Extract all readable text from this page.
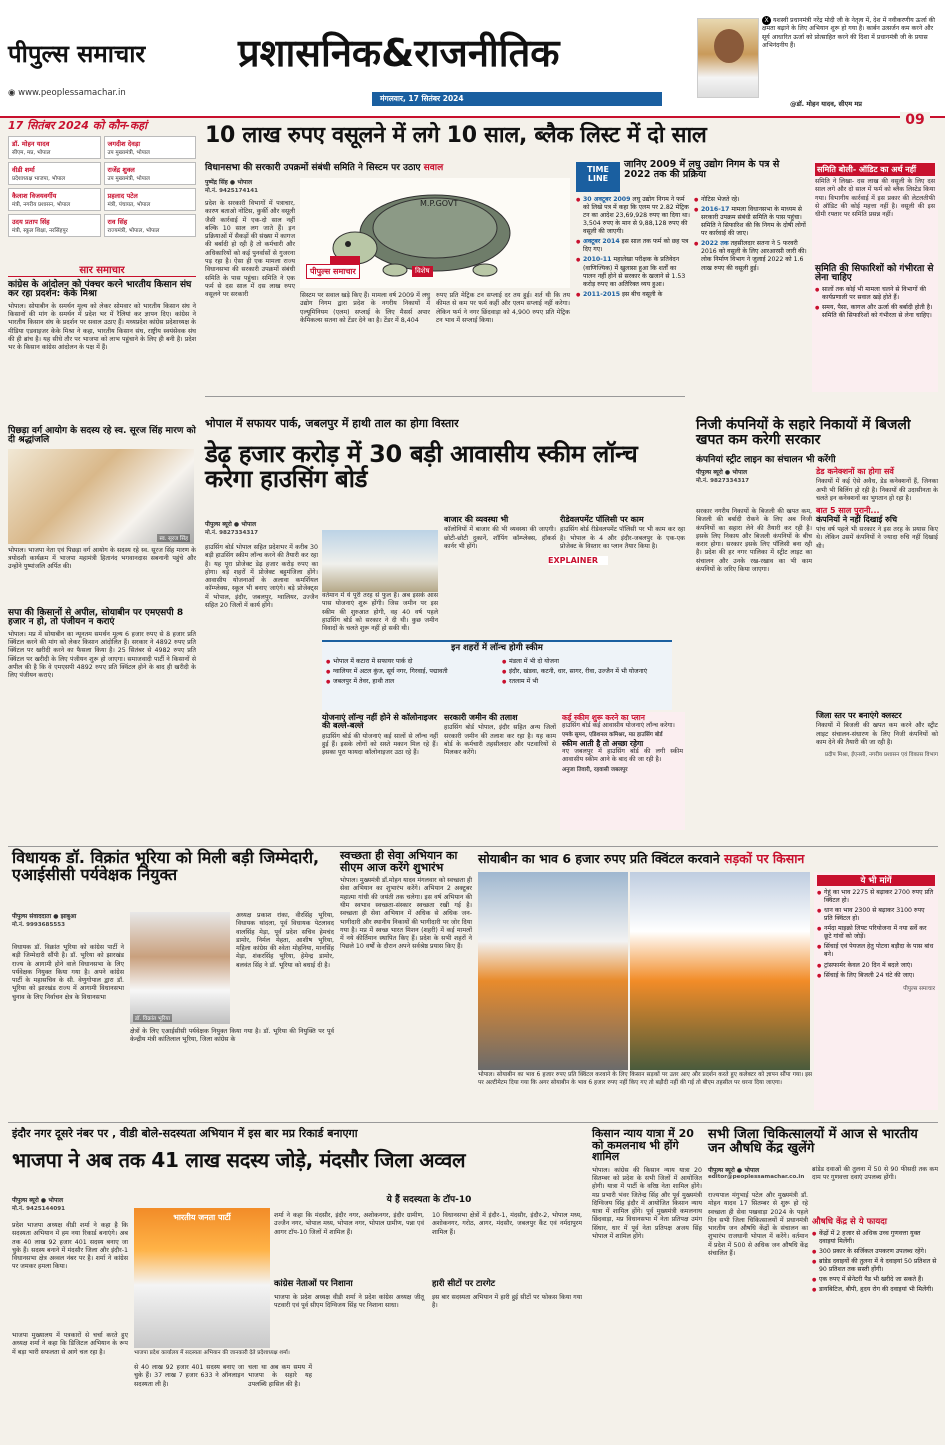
पीपुल्स समाचार
◉ www.peoplessamachar.in
प्रशासनिक&राजनीतिक
मंगलवार, 17 सितंबर 2024
X यशस्वी प्रधानमंत्री नरेंद्र मोदी जी के नेतृत्व में, देश में नवीकरणीय ऊर्जा की क्षमता बढ़ाने के लिए अभियान शुरू हो गया है। कार्बन उत्सर्जन कम करने और सूर्य आधारित ऊर्जा को प्रोत्साहित करने की दिशा में प्रधानमंत्री जी के प्रयास अभिनंदनीय हैं।
@डॉ. मोहन यादव, सीएम मप्र
09
17 सितंबर 2024 को कौन-कहां
डॉ. मोहन यादव
सीएम, मप्र, भोपाल
जगदीश देवड़ा
उप मुख्यमंत्री, भोपाल
वीडी शर्मा
प्रदेशाध्यक्ष भाजपा, भोपाल
राजेंद्र शुक्ल
उप मुख्यमंत्री, भोपाल
कैलाश विजयवर्गीय
मंत्री, नगरीय प्रशासन, भोपाल
प्रहलाद पटेल
मंत्री, पंचायत, भोपाल
उदय प्रताप सिंह
मंत्री, स्कूल शिक्षा, नरसिंहपुर
राव सिंह
राज्यमंत्री, भोपाल, भोपाल
सार समाचार
कांग्रेस के आंदोलन को पंक्चर करने भारतीय किसान संघ कर रहा प्रदर्शन: केके मिश्रा
भोपाल। सोयाबीन के समर्थन मूल्य को लेकर सोमवार को भारतीय किसान संघ ने किसानों की मांग के समर्थन में प्रदेश भर में रैलियां कर ज्ञापन दिए। कांग्रेस ने भारतीय किसान संघ के प्रदर्शन पर सवाल उठाए हैं। मध्यप्रदेश कांग्रेस प्रदेशाध्यक्ष के मीडिया एडवाइजर केके मिश्रा ने कहा, भारतीय किसान संघ, राष्ट्रीय स्वयंसेवक संघ की ही ब्रांच है। यह सीधे तौर पर भाजपा को लाभ पहुंचाने के लिए ही बनी है। प्रदेश भर के किसान कांग्रेस आंदोलन के पक्ष में हैं।
पिछड़ा वर्ग आयोग के सदस्य रहे स्व. सूरज सिंह मारण को दी श्रद्धांजलि
स्व. सूरज सिंह
भोपाल। भाजपा नेता एवं पिछड़ा वर्ग आयोग के सदस्य रहे स्व. सूरज सिंह मारण के त्रयोदशी कार्यक्रम में भाजपा महामंत्री हितानंद भगवानदास सबनानी पहुंचे और उन्होंने पुष्पांजलि अर्पित की।
सपा की किसानों से अपील, सोयाबीन पर एमएसपी 8 हजार न हो, तो पंजीयन न कराएं
भोपाल। मप्र में सोयाबीन का न्यूनतम समर्थन मूल्य 6 हजार रुपए से 8 हजार प्रति क्विंटल करने की मांग को लेकर किसान आंदोलित हैं। सरकार ने 4892 रुपए प्रति क्विंटल पर खरीदी करने का फैसला किया है। 25 सितंबर से 4982 रुपए प्रति क्विंटल पर खरीदी के लिए पंजीयन शुरू हो जाएगा। समाजवादी पार्टी ने किसानों से अपील की है कि वे एमएसपी 4892 रुपए प्रति क्विंटल होने के बाद ही खरीदी के लिए पंजीयन कराएं।
10 लाख रुपए वसूलने में लगे 10 साल, ब्लैक लिस्ट में दो साल
विधानसभा की सरकारी उपक्रमों संबंधी समिति ने सिस्टम पर उठाए सवाल
पुष्पेंद्र सिंह ● भोपाल
मो.नं. 9425174141
M.P.GOVT
पीपुल्स समाचार	विशेष
प्रदेश के सरकारी विभागों में पत्राचार, कारण बताओ नोटिस, कुर्की और वसूली जैसी कार्रवाई में एक-दो साल नहीं बल्कि 10 साल लग जाते हैं। इन प्रक्रियाओं में सैकड़ों की संख्या में कागज की बर्बादी हो रही है तो कर्मचारी और अधिकारियों को कई पुनर्वासों से गुजरना पड़ रहा है। ऐसा ही एक मामला राज्य विधानसभा की सरकारी उपक्रमों संबंधी समिति के पास पहुंचा। समिति ने एक फर्म से दस साल में दस लाख रुपए वसूलने पर सरकारी	सिस्टम पर सवाल खड़े किए हैं। मामला वर्ष 2009 में लघु उद्योग निगम द्वारा प्रदेश के नगरीय निकायों में एल्यूमिनियम (एलम) सप्लाई के लिए मैसर्स अपार केमिकल्स सतना को टेंडर देने का है। टेंडर में 8,404
रुपए प्रति मेट्रिक टन सप्लाई दर तय हुई। शर्त थी कि तय कीमत से कम पर फर्म कहीं और एलम सप्लाई नहीं करेगा। लेकिन फर्म ने नगर छिंदवाड़ा को 4,900 रुपए प्रति मेट्रिक टन भाव में सप्लाई किया।
TIME LINE
जानिए 2009 में लघु उद्योग निगम के पत्र से 2022 तक की प्रक्रिया
● 30 अक्टूबर 2009 लघु उद्योग निगम ने फर्म को लिखे पत्र में कहा कि एलम पर 2.82 मेट्रिक टन का आदेश 23,69,928 रुपए का दिया था। 3,504 रुपए के मान से 9,88,128 रुपए की वसूली की जाएगी।
● अक्टूबर 2014 इस साल तक फर्म को छह पत्र दिए गए।
● 2010-11 महालेखा परीक्षक के प्रतिवेदन (वाणिज्यिक) में खुलासा हुआ कि शर्तों का पालन नहीं होने से सरकार के खजाने से 1.53 करोड़ रुपए का अतिरिक्त व्यय हुआ।
● 2011-2015 इस बीच वसूली के
● नोटिस भेजते रहे।
● 2016-17 मामला विधानसभा के माध्यम से सरकारी उपक्रम संबंधी समिति के पास पहुंचा। समिति ने सिफारिश की कि निगम के दोषी लोगों पर कार्रवाई की जाए।
● 2022 तक तहसीलदार सतना ने 5 फरवरी 2016 को वसूली के लिए आरआरसी जारी की। लोक निर्माण विभाग ने जुलाई 2022 को 1.6 लाख रुपए की वसूली हुई।
समिति बोली- ऑडिट का अर्थ नहीं
समिति ने लिखा- दस लाख की वसूली के लिए दस साल लगे और दो साल में फर्म को ब्लैक लिस्टेड किया गया। विभागीय कार्रवाई में इस प्रकार की लेटलतीफी से ऑडिट की कोई महत्ता नहीं है। वसूली की इस धीमी रफ्तार पर समिति प्रसन्न नहीं।
समिति की सिफारिशों को गंभीरता से लेना चाहिए
● सालों तक कोई भी मामला चलने से विभागों की कार्यप्रणाली पर सवाल खड़े होते हैं।
● समय, पैसा, कागज और ऊर्जा की बर्बादी होती है। समिति की सिफारिशों को गंभीरता से लेना चाहिए।
भोपाल में सफायर पार्क, जबलपुर में हाथी ताल का होगा विस्तार
डेढ़ हजार करोड़ में 30 बड़ी आवासीय स्कीम लॉन्च करेगा हाउसिंग बोर्ड
पीपुल्स ब्यूरो ● भोपाल
मो.नं. 9827334317
हाउसिंग बोर्ड भोपाल सहित प्रदेशभर में करीब 30 बड़ी हाउसिंग स्कीम लॉन्च करने की तैयारी कर रहा है। यह पूरा प्रोजेक्ट डेढ़ हजार करोड़ रुपए का होगा। बड़े शहरों में प्रोजेक्ट बहुमंजिला होंगे। आवासीय योजनाओं के अलावा कमर्शियल कॉम्प्लेक्स, स्कूल भी बनाए जाएंगे। बड़े प्रोजेक्ट्स में भोपाल, इंदौर, जबलपुर, ग्वालियर, उज्जैन सहित 20 जिलों में कार्य होंगे।
वर्तमान में ये पूरी तरह से फुल हैं। अब इसके आस पास योजनाएं शुरू होंगी। जिस जमीन पर इस स्कीम की शुरुआत होगी, वह 40 वर्ष पहले हाउसिंग बोर्ड को सरकार ने दी थी। कुछ जमीन विवादों के चलते शुरू नहीं हो सकी थी।
बाजार की व्यवस्था भी
कॉलोनियों में बाजार की भी व्यवस्था की जाएगी। छोटी-छोटी दुकानें, शॉपिंग कॉम्प्लेक्स, हॉकर्स कार्नर भी होंगे।
रीडेवलपमेंट पॉलिसी पर काम
हाउसिंग बोर्ड रीडेवलपमेंट पॉलिसी पर भी काम कर रहा है। भोपाल के 4 और इंदौर-जबलपुर के एक-एक प्रोजेक्ट के विस्तार का प्लान तैयार किया है।
EXPLAINER
इन शहरों में लॉन्च होगी स्कीम
● भोपाल में कटारा में सफायर पार्क दो
● ग्वालियर में अटल कुंज, सूर्य नगर, गिरवाई, पद्मावती
● जबलपुर में तेवर, हाथी ताल
● मंडला में भी दो योजना
● इंदौर, खंडवा, कटनी, धार, सागर, रीवा, उज्जैन में भी योजनाएं
● रतलाम में भी
योजनाएं लॉन्च नहीं होने से कॉलोनाइजर की बल्ले-बल्ले
हाउसिंग बोर्ड की योजनाएं कई सालों से लॉन्च नहीं हुई हैं। इसके लोगों को सस्ते मकान मिल रहे हैं। इसका पूरा फायदा कॉलोनाइजर उठा रहे हैं।
सरकारी जमीन की तलाश
हाउसिंग बोर्ड भोपाल, इंदौर सहित अन्य जिलों सरकारी जमीन की तलाश कर रहा है। यह काम बोर्ड के कर्मचारी तहसीलदार और पटवारियों से मिलकर करेंगे।
कई स्कीम शुरू करने का प्लान
हाउसिंग बोर्ड कई आवासीय योजनाएं लॉन्च करेगा।
एमके सुमन, एडिशनल कमिश्नर, मप्र हाउसिंग बोर्ड
स्कीम आती है तो अच्छा रहेगा
नए जबलपुर में हाउसिंग बोर्ड की लगी स्कीम आवासीय स्कीम आने के बाद की जा रही है।
अनुजा तिवारी, रहवासी जबलपुर
निजी कंपनियों के सहारे निकायों में बिजली खपत कम करेगी सरकार
कंपनियां स्ट्रीट लाइन का संचालन भी करेंगी
पीपुल्स ब्यूरो ● भोपाल
मो.नं. 9827334317
सरकार नगरीय निकायों के बिजली की खपत कम, बिजली की बर्बादी रोकने के लिए अब निजी कंपनियों का सहारा लेने की तैयारी कर रही है। इसके लिए निकाय और बिजली कंपनियों के बीच करार होगा। सरकार इसके लिए पॉलिसी बना रही है। प्रदेश की हर नगर पालिका में स्ट्रीट लाइट का संचालन और उनके रख-रखाव का भी काम कंपनियों के जरिए किया जाएगा।
डेड कनेक्शनों का होगा सर्वे
निकायों में कई ऐसे अवैध, डेड कनेक्शनों हैं, जिनका अभी भी बिलिंग हो रही है। निकायों की उदासीनता के चलते इन कनेक्शनों का भुगतान हो रहा है।
बात 5 साल पुरानी...
कंपनियों ने नहीं दिखाई रुचि
पांच वर्ष पहले भी सरकार ने इस तरह के प्रयास किए थे। लेकिन उसमें कंपनियों ने ज्यादा रुचि नहीं दिखाई थी।
जिला स्तर पर बनाएंगे क्लस्टर
निकायों में बिजली की खपत कम करने और स्ट्रीट लाइट संचालन-संधारण के लिए निजी कंपनियों को काम देने की तैयारी की जा रही है।
प्रदीप मिश्रा, ईएनसी, नगरीय प्रशासन एवं विकास विभाग
विधायक डॉ. विक्रांत भूरिया को मिली बड़ी जिम्मेदारी, एआईसीसी पर्यवेक्षक नियुक्त
पीपुल्स संवाददाता ● झाबुआ
मो.नं. 9993685553
विधायक डॉ. विक्रांत भूरिया को कांग्रेस पार्टी ने बड़ी जिम्मेदारी सौंपी है। डॉ. भूरिया को झारखंड राज्य के आगामी होने वाले विधानसभा के लिए पर्यवेक्षक नियुक्त किया गया है। अपने कांग्रेस पार्टी के महासचिव के सी. वेणुगोपाल द्वारा डॉ. भूरिया को झारखंड राज्य में आगामी विधानसभा चुनाव के लिए निर्वाचन क्षेत्र के विधानसभा
डॉ. विक्रांत भूरिया
अध्यक्ष प्रकाश रांका, वीरसिंह भूरिया, विधायक थांदला, पूर्व विधायक पेटलावद वालसिंह मेड़ा, पूर्व प्रदेश सचिव हेमचंद डामोर, निर्मल मेहता, आशीष भूरिया, महिला कांग्रेस की श्वेता मोहनिया, मानसिंह मेड़ा, शंकरसिंह भूरिया, हेमेन्द्र डामोर, बलवंत सिंह ने डॉ. भूरिया को बधाई दी है।
क्षेत्रों के लिए एआईसीसी पर्यवेक्षक नियुक्त किया गया है। डॉ. भूरिया की नियुक्ति पर पूर्व केन्द्रीय मंत्री कांतिलाल भूरिया, जिला कांग्रेस के
स्वच्छता ही सेवा अभियान का सीएम आज करेंगे शुभारंभ
भोपाल। मुख्यमंत्री डॉ.मोहन यादव मंगलवार को स्वच्छता ही सेवा अभियान का शुभारंभ करेंगे। अभियान 2 अक्टूबर महात्मा गांधी की जयंती तक चलेगा। इस वर्ष अभियान की थीम स्वभाव स्वच्छता-संस्कार स्वच्छता रखी गई है। स्वच्छता ही सेवा अभियान में अधिक से अधिक जन-भागीदारी और स्थानीय निकायों की भागीदारी पर जोर दिया गया है। मप्र में स्वच्छ भारत मिशन (शहरी) में कई मामलों में नये कीर्तिमान स्थापित किए हैं। प्रदेश के सभी शहरों ने पिछले 10 वर्षों के दौरान अपने सर्वश्रेष्ठ प्रयास किए हैं।
सोयाबीन का भाव 6 हजार रुपए प्रति क्विंटल करवाने सड़कों पर किसान
भोपाल। सोयाबीन का भाव 6 हजार रुपए प्रति क्विंटल करवाने के लिए किसान सड़कों पर उतर आए और प्रदर्शन करते हुए कलेक्टर को ज्ञापन सौंपा गया। इस पर अल्टीमेटम दिया गया कि अगर सोयाबीन के भाव 6 हजार रुपए नहीं किए गए तो बड़ौदी नहीं की गई तो बीएम तहसील पर धरना दिया जाएगा।
ये भी मांगें
● गेहूं का भाव 2275 से बढ़ाकर 2700 रुपए प्रति क्विंटल हो।
● धान का भाव 2300 से बढ़ाकर 3100 रुपए प्रति क्विंटल हो।
● नर्मदा माइक्रो लिफ्ट परियोजना में नया सर्वे कर छूटे गांवों को जोड़ें।
● सिंचाई एवं पेयजल हेतु पोटवा बड़ौदा के पास बांध बने।
● ट्रांसफार्मर केवल 20 दिन में बदले जाएं।
● सिंचाई के लिए बिजली 24 घंटे की जाए।
पीपुल्स समाचार
इंदौर नगर दूसरे नंबर पर , वीडी बोले-सदस्यता अभियान में इस बार मप्र रिकार्ड बनाएगा
भाजपा ने अब तक 41 लाख सदस्य जोड़े, मंदसौर जिला अव्वल
पीपुल्स ब्यूरो ● भोपाल
मो.नं. 9425144091
प्रदेश भाजपा अध्यक्ष वीडी शर्मा ने कहा है कि सदस्यता अभियान में हम नया रिकार्ड बनाएंगे। अब तक 40 लाख 92 हजार 401 सदस्य बनाए जा चुके हैं। सदस्य बनाने में मंदसौर जिला और इंदौर-1 विधानसभा क्षेत्र अव्वल नंबर पर है। शर्मा ने कांग्रेस पर जमकर हमला किया।
भाजपा मुख्यालय में पत्रकारों से चर्चा करते हुए अध्यक्ष शर्मा ने कहा कि डिजिटल अभियान के रूप में बड़ा भारी सफलता से आगे चल रहा है।
भारतीय जनता पार्टी
भाजपा प्रदेश कार्यालय में सदस्यता अभियान की जानकारी देते प्रदेशाध्यक्ष शर्मा।
से 40 लाख 92 हजार 401 सदस्य बनाए जा चुके हैं। 37 लाख 7 हजार 633 ने ऑनलाइन सदस्यता ली है।
चला था अब कम समय में भाजपा के सहारे यह उपलब्धि हासिल की है।
ये हैं सदस्यता के टॉप-10
शर्मा ने कहा कि मंदसौर, इंदौर नगर, अशोकनगर, इंदौर ग्रामीण, उज्जैन नगर, भोपाल मध्य, भोपाल नगर, भोपाल ग्रामीण, पन्ना एवं आगर टॉप-10 जिलों में शामिल हैं।
10 विधानसभा क्षेत्रों में इंदौर-1, मंदसौर, इंदौर-2, भोपाल मध्य, अशोकनगर, गरोठ, आगर, मंदसौर, जबलपुर कैंट एवं नर्मदापुरम शामिल हैं।
कांग्रेस नेताओं पर निशाना
भाजपा के प्रदेश अध्यक्ष वीडी शर्मा ने प्रदेश कांग्रेस अध्यक्ष जीतू पटवारी एवं पूर्व सीएम दिग्विजय सिंह पर निशाना साधा।
हारी सीटों पर टारगेट
इस बार सदस्यता अभियान में हारी हुई सीटों पर फोकस किया गया है।
किसान न्याय यात्रा में 20 को कमलनाथ भी होंगे शामिल
भोपाल। कांग्रेस की किसान न्याय यात्रा 20 सितम्बर को प्रदेश के सभी जिलों में आयोजित होगी। यात्रा में पार्टी के वरिष्ठ नेता शामिल होंगे। मप्र प्रभारी भंवर जितेन्द्र सिंह और पूर्व मुख्यमंत्री दिग्विजय सिंह इंदौर में आयोजित किसान न्याय यात्रा में शामिल होंगे। पूर्व मुख्यमंत्री कमलनाथ छिंदवाड़ा, मप्र विधानसभा में नेता प्रतिपक्ष उमंग सिंघार, धार में पूर्व नेता प्रतिपक्ष अजय सिंह भोपाल में शामिल होंगे।
सभी जिला चिकित्सालयों में आज से भारतीय जन औषधि केंद्र खुलेंगे
पीपुल्स ब्यूरो ● भोपाल
editor@peoplessamachar.co.in
राज्यपाल मंगुभाई पटेल और मुख्यमंत्री डॉ. मोहन यादव 17 सितम्बर से शुरू हो रहे स्वच्छता ही सेवा पखवाड़ा 2024 के पहले दिन सभी जिला चिकित्सालयों में प्रधानमंत्री भारतीय जन औषधि केंद्रों के संचालन का शुभारंभ राजधानी भोपाल में करेंगे। वर्तमान में प्रदेश में 500 से अधिक जन औषधि केंद्र संचालित हैं।
ब्रांडेड दवाओं की तुलना में 50 से 90 फीसदी तक कम दाम पर गुणवत्ता दवाएं उपलब्ध होंगी।
औषधि केंद्र से ये फायदा
● केंद्रों में 2 हजार से अधिक उच्च गुणवत्ता युक्त दवाइयां मिलेंगी।
● 300 प्रकार के सर्जिकल उपकरण उपलब्ध रहेंगे।
● ब्रांडेड दवाइयों की तुलना में ये दवाइयां 50 प्रतिशत से 90 प्रतिशत तक सस्ती होंगी।
● एक रुपए में सेनेटरी पैड भी खरीदे जा सकते हैं।
● डायबिटिज, बीपी, हृदय रोग की दवाइयां भी मिलेंगी।
